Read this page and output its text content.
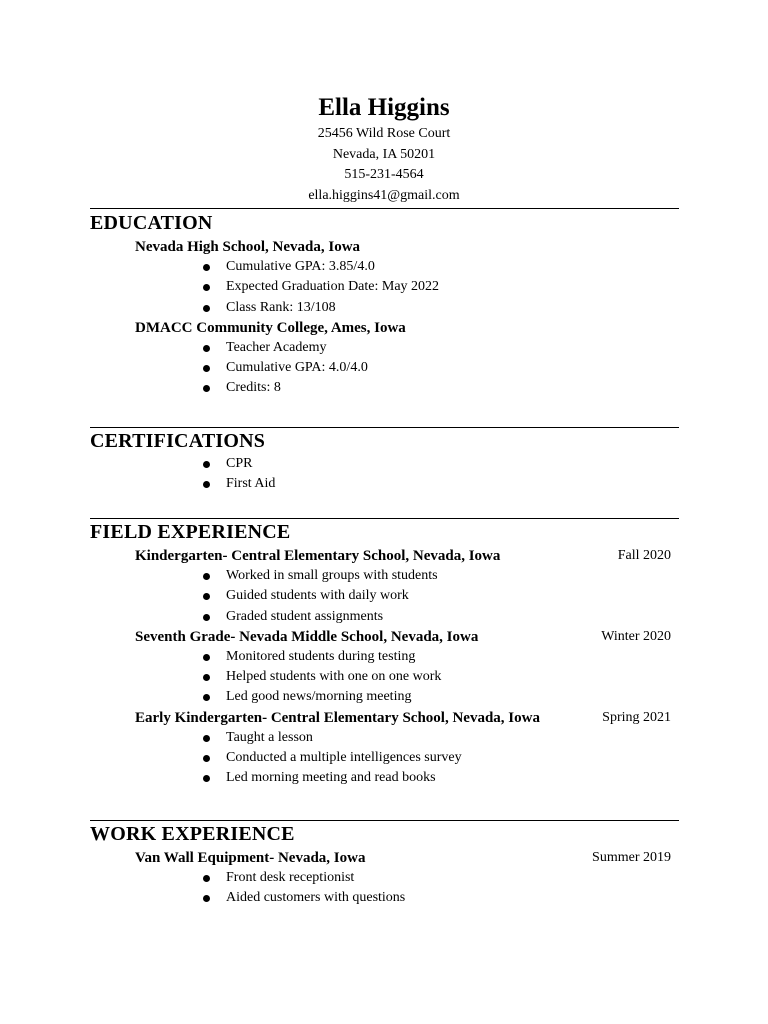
Ella Higgins
25456 Wild Rose Court
Nevada, IA 50201
515-231-4564
ella.higgins41@gmail.com
EDUCATION
Nevada High School, Nevada, Iowa
Cumulative GPA: 3.85/4.0
Expected Graduation Date: May 2022
Class Rank: 13/108
DMACC Community College, Ames, Iowa
Teacher Academy
Cumulative GPA: 4.0/4.0
Credits: 8
CERTIFICATIONS
CPR
First Aid
FIELD EXPERIENCE
Kindergarten- Central Elementary School, Nevada, Iowa	Fall 2020
Worked in small groups with students
Guided students with daily work
Graded student assignments
Seventh Grade- Nevada Middle School, Nevada, Iowa	Winter 2020
Monitored students during testing
Helped students with one on one work
Led good news/morning meeting
Early Kindergarten- Central Elementary School, Nevada, Iowa	Spring 2021
Taught a lesson
Conducted a multiple intelligences survey
Led morning meeting and read books
WORK EXPERIENCE
Van Wall Equipment- Nevada, Iowa	Summer 2019
Front desk receptionist
Aided customers with questions
